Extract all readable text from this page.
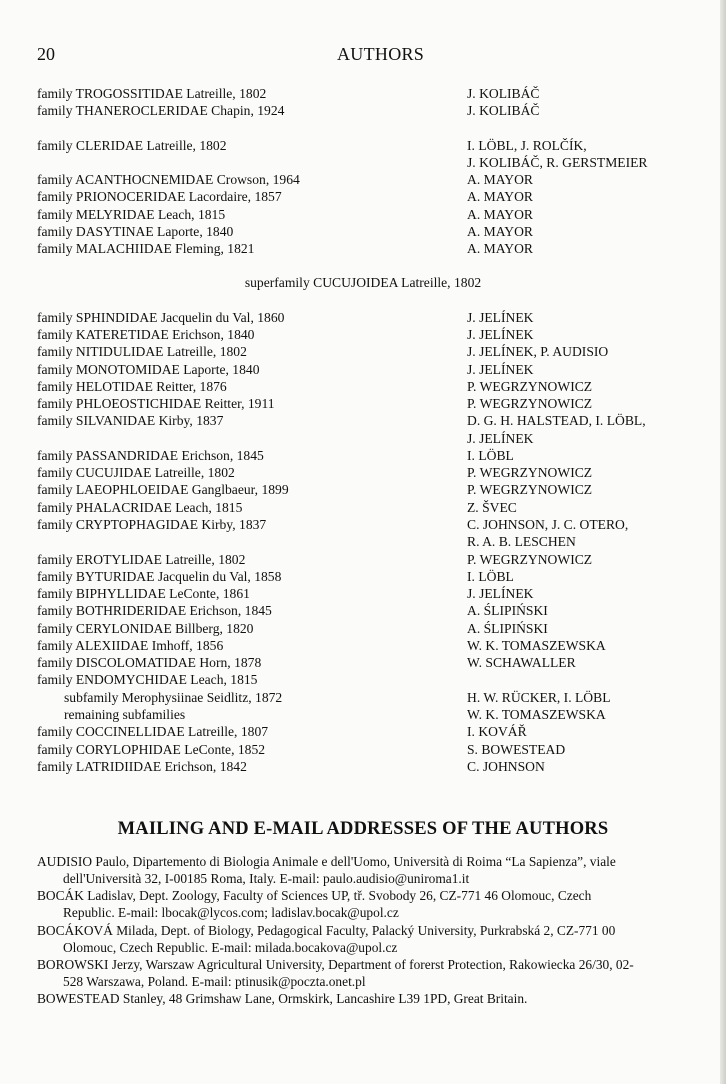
20	AUTHORS
family TROGOSSITIDAE Latreille, 1802	J. KOLIBÁČ
family THANEROCLERIDAE Chapin, 1924	J. KOLIBÁČ
family CLERIDAE Latreille, 1802	I. LÖBL, J. ROLČÍK,
J. KOLIBÁČ, R. GERSTMEIER
family ACANTHOCNEMIDAE Crowson, 1964	A. MAYOR
family PRIONOCERIDAE Lacordaire, 1857	A. MAYOR
family MELYRIDAE Leach, 1815	A. MAYOR
family DASYTINAE Laporte, 1840	A. MAYOR
family MALACHIIDAE Fleming, 1821	A. MAYOR
superfamily CUCUJOIDEA Latreille, 1802
family SPHINDIDAE Jacquelin du Val, 1860	J. JELÍNEK
family KATERETIDAE Erichson, 1840	J. JELÍNEK
family NITIDULIDAE Latreille, 1802	J. JELÍNEK, P. AUDISIO
family MONOTOMIDAE Laporte, 1840	J. JELÍNEK
family HELOTIDAE Reitter, 1876	P. WEGRZYNOWICZ
family PHLOEOSTICHIDAE Reitter, 1911	P. WEGRZYNOWICZ
family SILVANIDAE Kirby, 1837	D. G. H. HALSTEAD, I. LÖBL,
J. JELÍNEK
family PASSANDRIDAE Erichson, 1845	I. LÖBL
family CUCUJIDAE Latreille, 1802	P. WEGRZYNOWICZ
family LAEOPHLOEIDAE Ganglbaeur, 1899	P. WEGRZYNOWICZ
family PHALACRIDAE Leach, 1815	Z. ŠVEC
family CRYPTOPHAGIDAE Kirby, 1837	C. JOHNSON, J. C. OTERO,
R. A. B. LESCHEN
family EROTYLIDAE Latreille, 1802	P. WEGRZYNOWICZ
family BYTURIDAE Jacquelin du Val, 1858	I. LÖBL
family BIPHYLLIDAE LeConte, 1861	J. JELÍNEK
family BOTHRIDERIDAE Erichson, 1845	A. ŚLIPIŃSKI
family CERYLONIDAE Billberg, 1820	A. ŚLIPIŃSKI
family ALEXIIDAE Imhoff, 1856	W. K. TOMASZEWSKA
family DISCOLOMATIDAE Horn, 1878	W. SCHAWALLER
family ENDOMYCHIDAE Leach, 1815
subfamily Merophysiinae Seidlitz, 1872	H. W. RÜCKER, I. LÖBL
remaining subfamilies	W. K. TOMASZEWSKA
family COCCINELLIDAE Latreille, 1807	I. KOVÁŘ
family CORYLOPHIDAE LeConte, 1852	S. BOWESTEAD
family LATRIDIIDAE Erichson, 1842	C. JOHNSON
MAILING AND E-MAIL ADDRESSES OF THE AUTHORS
AUDISIO Paulo, Dipartemento di Biologia Animale e dell'Uomo, Università di Roima “La Sapienza”, viale
dell'Università 32, I-00185 Roma, Italy. E-mail: paulo.audisio@uniroma1.it
BOCÁK Ladislav, Dept. Zoology, Faculty of Sciences UP, tř. Svobody 26, CZ-771 46 Olomouc, Czech
Republic. E-mail: lbocak@lycos.com; ladislav.bocak@upol.cz
BOCÁKOVÁ Milada, Dept. of Biology, Pedagogical Faculty, Palacký University, Purkrabská 2, CZ-771 00
Olomouc, Czech Republic. E-mail: milada.bocakova@upol.cz
BOROWSKI Jerzy, Warszaw Agricultural University, Department of forerst Protection, Rakowiecka 26/30, 02-
528 Warszawa, Poland. E-mail: ptinusik@poczta.onet.pl
BOWESTEAD Stanley, 48 Grimshaw Lane, Ormskirk, Lancashire L39 1PD, Great Britain.
